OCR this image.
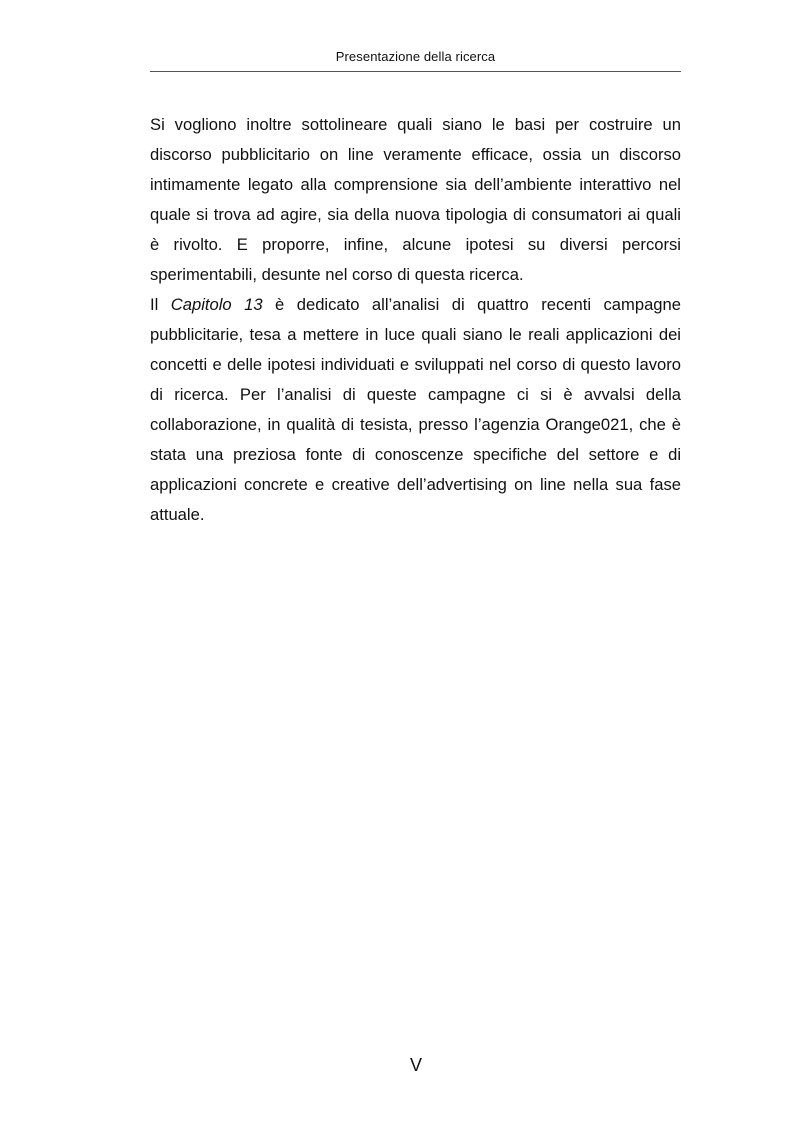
Presentazione della ricerca

Si vogliono inoltre sottolineare quali siano le basi per costruire un discorso pubblicitario on line veramente efficace, ossia un discorso intimamente legato alla comprensione sia dell’ambiente interattivo nel quale si trova ad agire, sia della nuova tipologia di consumatori ai quali è rivolto. E proporre, infine, alcune ipotesi su diversi percorsi sperimentabili, desunte nel corso di questa ricerca.

Il Capitolo 13 è dedicato all’analisi di quattro recenti campagne pubblicitarie, tesa a mettere in luce quali siano le reali applicazioni dei concetti e delle ipotesi individuati e sviluppati nel corso di questo lavoro di ricerca. Per l’analisi di queste campagne ci si è avvalsi della collaborazione, in qualità di tesista, presso l’agenzia Orange021, che è stata una preziosa fonte di conoscenze specifiche del settore e di applicazioni concrete e creative dell’advertising on line nella sua fase attuale.

V
